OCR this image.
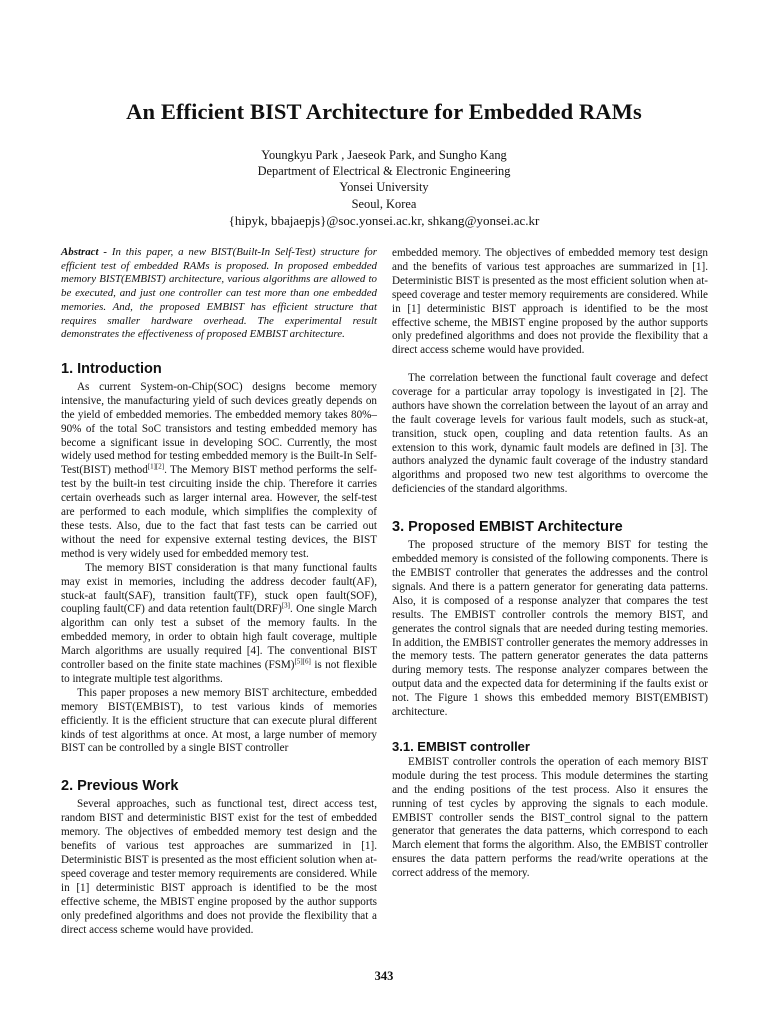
An Efficient BIST Architecture for Embedded RAMs
Youngkyu Park , Jaeseok Park, and Sungho Kang
Department of Electrical & Electronic Engineering
Yonsei University
Seoul, Korea
{hipyk, bbajaepjs}@soc.yonsei.ac.kr, shkang@yonsei.ac.kr

Abstract - In this paper, a new BIST(Built-In Self-Test) structure for efficient test of embedded RAMs is proposed. In proposed embedded memory BIST(EMBIST) architecture, various algorithms are allowed to be executed, and just one controller can test more than one embedded memories. And, the proposed EMBIST has efficient structure that requires smaller hardware overhead. The experimental result demonstrates the effectiveness of proposed EMBIST architecture.

1. Introduction

As current System-on-Chip(SOC) designs become memory intensive, the manufacturing yield of such devices greatly depends on the yield of embedded memories. The embedded memory takes 80%–90% of the total SoC transistors and testing embedded memory has become a significant issue in developing SOC. Currently, the most widely used method for testing embedded memory is the Built-In Self-Test(BIST) method[1][2]. The Memory BIST method performs the self-test by the built-in test circuiting inside the chip. Therefore it carries certain overheads such as larger internal area. However, the self-test are performed to each module, which simplifies the complexity of these tests. Also, due to the fact that fast tests can be carried out without the need for expensive external testing devices, the BIST method is very widely used for embedded memory test.

The memory BIST consideration is that many functional faults may exist in memories, including the address decoder fault(AF), stuck-at fault(SAF), transition fault(TF), stuck open fault(SOF), coupling fault(CF) and data retention fault(DRF)[3]. One single March algorithm can only test a subset of the memory faults. In the embedded memory, in order to obtain high fault coverage, multiple March algorithms are usually required [4]. The conventional BIST controller based on the finite state machines (FSM)[5][6] is not flexible to integrate multiple test algorithms.

This paper proposes a new memory BIST architecture, embedded memory BIST(EMBIST), to test various kinds of memories efficiently. It is the efficient structure that can execute plural different kinds of test algorithms at once. At most, a large number of memory BIST can be controlled by a single BIST controller

2. Previous Work

Several approaches, such as functional test, direct access test, random BIST and deterministic BIST exist for the test of embedded memory. The objectives of embedded memory test design and the benefits of various test approaches are summarized in [1]. Deterministic BIST is presented as the most efficient solution when at-speed coverage and tester memory requirements are considered. While in [1] deterministic BIST approach is identified to be the most effective scheme, the MBIST engine proposed by the author supports only predefined algorithms and does not provide the flexibility that a direct access scheme would have provided.

embedded memory. The objectives of embedded memory test design and the benefits of various test approaches are summarized in [1]. Deterministic BIST is presented as the most efficient solution when at-speed coverage and tester memory requirements are considered. While in [1] deterministic BIST approach is identified to be the most effective scheme, the MBIST engine proposed by the author supports only predefined algorithms and does not provide the flexibility that a direct access scheme would have provided.

The correlation between the functional fault coverage and defect coverage for a particular array topology is investigated in [2]. The authors have shown the correlation between the layout of an array and the fault coverage levels for various fault models, such as stuck-at, transition, stuck open, coupling and data retention faults. As an extension to this work, dynamic fault models are defined in [3]. The authors analyzed the dynamic fault coverage of the industry standard algorithms and proposed two new test algorithms to overcome the deficiencies of the standard algorithms.

3. Proposed EMBIST Architecture

The proposed structure of the memory BIST for testing the embedded memory is consisted of the following components. There is the EMBIST controller that generates the addresses and the control signals. And there is a pattern generator for generating data patterns. Also, it is composed of a response analyzer that compares the test results. The EMBIST controller controls the memory BIST, and generates the control signals that are needed during testing memories. In addition, the EMBIST controller generates the memory addresses in the memory tests. The pattern generator generates the data patterns during memory tests. The response analyzer compares between the output data and the expected data for determining if the faults exist or not. The Figure 1 shows this embedded memory BIST(EMBIST) architecture.

3.1. EMBIST controller

EMBIST controller controls the operation of each memory BIST module during the test process. This module determines the starting and the ending positions of the test process. Also it ensures the running of test cycles by approving the signals to each module. EMBIST controller sends the BIST_control signal to the pattern generator that generates the data patterns, which correspond to each March element that forms the algorithm. Also, the EMBIST controller ensures the data pattern performs the read/write operations at the correct address of the memory.

343
